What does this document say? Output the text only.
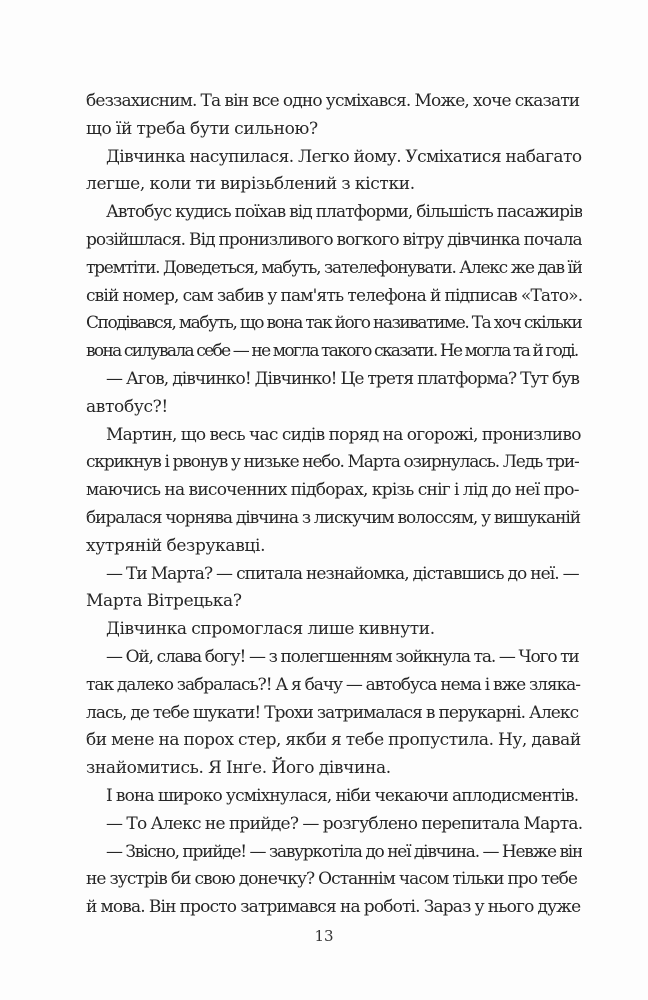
беззахисним. Та він все одно усміхався. Може, хоче сказати
що їй треба бути сильною?
Дівчинка насупилася. Легко йому. Усміхатися набагато
легше, коли ти вирізьблений з кістки.
Автобус кудись поїхав від платформи, більшість пасажирів
розійшлася. Від пронизливого вогкого вітру дівчинка почала
тремтіти. Доведеться, мабуть, зателефонувати. Алекс же дав їй
свій номер, сам забив у пам'ять телефона й підписав «Тато».
Сподівався, мабуть, що вона так його називатиме. Та хоч скільки
вона силувала себе — не могла такого сказати. Не могла та й годі.
— Агов, дівчинко! Дівчинко! Це третя платформа? Тут був
автобус?!
Мартин, що весь час сидів поряд на огорожі, пронизливо
скрикнув і рвонув у низьке небо. Марта озирнулась. Ледь три-
маючись на височенних підборах, крізь сніг і лід до неї про-
биралася чорнява дівчина з лискучим волоссям, у вишуканій
хутряній безрукавці.
— Ти Марта? — спитала незнайомка, діставшись до неї. —
Марта Вітрецька?
Дівчинка спромоглася лише кивнути.
— Ой, слава богу! — з полегшенням зойкнула та. — Чого ти
так далеко забралась?! А я бачу — автобуса нема і вже зляка-
лась, де тебе шукати! Трохи затрималася в перукарні. Алекс
би мене на порох стер, якби я тебе пропустила. Ну, давай
знайомитись. Я Інґе. Його дівчина.
І вона широко усміхнулася, ніби чекаючи аплодисментів.
— То Алекс не прийде? — розгублено перепитала Марта.
— Звісно, прийде! — завуркотіла до неї дівчина. — Невже він
не зустрів би свою донечку? Останнім часом тільки про тебе
й мова. Він просто затримався на роботі. Зараз у нього дуже
13
